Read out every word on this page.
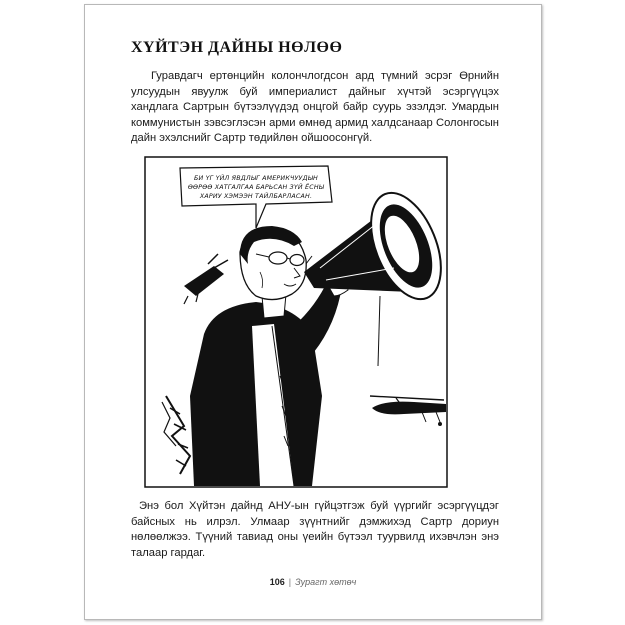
ХҮЙТЭН ДАЙНЫ НӨЛӨӨ

Гуравдагч ертөнцийн колончлогдсон ард түмний эсрэг Өрнийн улсуудын явуулж буй империалист дайныг хүчтэй эсэргүүцэх хандлага Сартрын бүтээлүүдэд онцгой байр суурь эзэлдэг. Умардын коммунистын зэвсэглэсэн арми өмнөд армид халдсанаар Солонгосын дайн эхэлснийг Сартр төдийлөн ойшоосонгүй.

БИ ҮГ ҮЙЛ ЯВДЛЫГ АМЕРИКЧУУДЫН
ӨӨРӨӨ ХАТГАЛГАА БАРЬСАН ЗҮЙ ЁСНЫ
ХАРИУ ХЭМЭЭН ТАЙЛБАРЛАСАН.

Энэ бол Хүйтэн дайнд АНУ-ын гүйцэтгэж буй үүргийг эсэргүүцдэг байсных нь илрэл. Улмаар зүүнтнийг дэмжихэд Сартр дориун нөлөөлжээ. Түүний тавиад оны үеийн бүтээл туурвилд ихэвчлэн энэ талаар гардаг.

106 | Зурагт хөтөч
